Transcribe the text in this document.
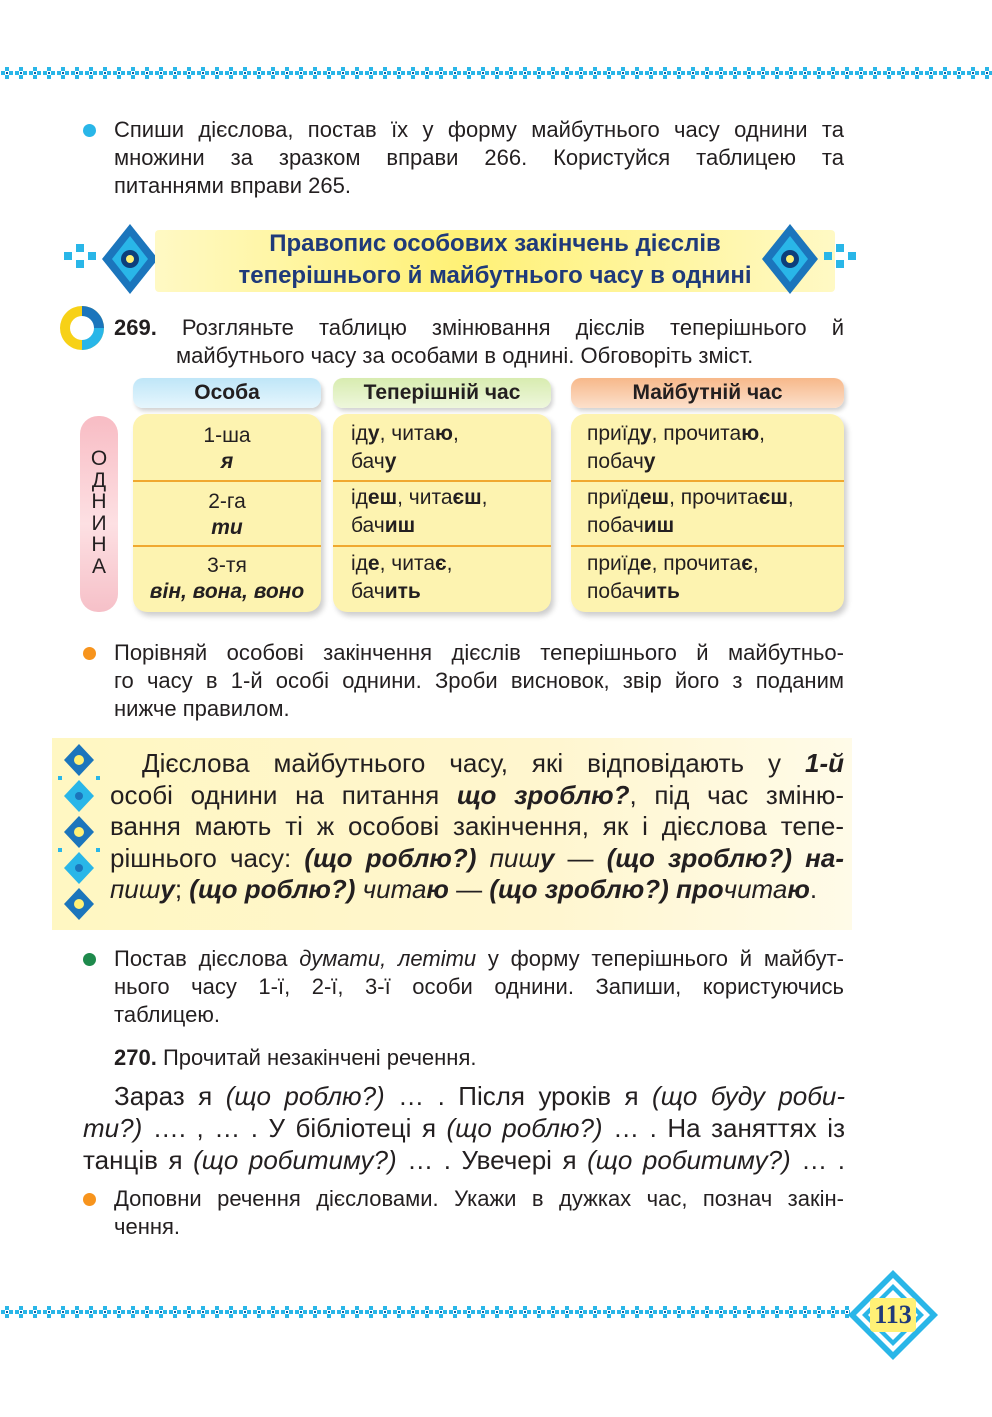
Спиши дієслова, постав їх у форму майбутнього часу однини та
множини за зразком вправи 266. Користуйся таблицею та
питаннями вправи 265.
Правопис особових закінчень дієслів
теперішнього й майбутнього часу в однині
269. Розгляньте таблицю змінювання дієслів теперішнього й
майбутнього часу за особами в однині. Обговоріть зміст.
Особа	Теперішній час	Майбутній час
О
Д
Н
И
Н
А
1-ша
я
2-га
ти
3-тя
він, вона, воно
іду, читаю,
бачу
ідеш, читаєш,
бачиш
іде, читає,
бачить
приїду, прочитаю,
побачу
приїдеш, прочитаєш,
побачиш
приїде, прочитає,
побачить
Порівняй особові закінчення дієслів теперішнього й майбутньо-
го часу в 1-й особі однини. Зроби висновок, звір його з поданим
нижче правилом.
Дієслова майбутнього часу, які відповідають у 1-й
особі однини на питання що зроблю?, під час зміню-
вання мають ті ж особові закінчення, як і дієслова тепе-
рішнього часу: (що роблю?) пишу — (що зроблю?) на-
пишу; (що роблю?) читаю — (що зроблю?) прочитаю.
Постав дієслова думати, летіти у форму теперішнього й майбут-
нього часу 1-ї, 2-ї, 3-ї особи однини. Запиши, користуючись
таблицею.
270. Прочитай незакінчені речення.
Зараз я (що роблю?) … . Після уроків я (що буду роби-
ти?) …. , … . У бібліотеці я (що роблю?) … . На заняттях із
танців я (що робитиму?) … . Увечері я (що робитиму?) … .
Доповни речення дієсловами. Укажи в дужках час, познач закін-
чення.
113
